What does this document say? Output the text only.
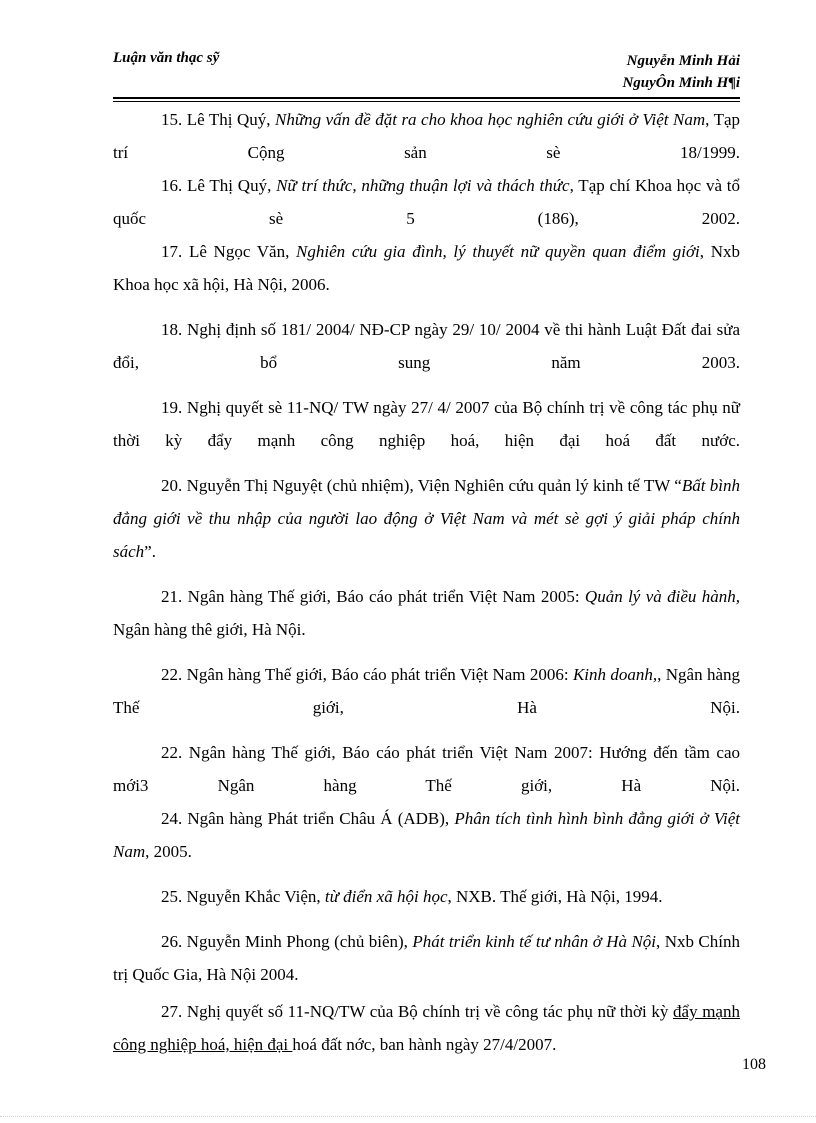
Luận văn thạc sỹ	Nguyễn Minh Hải
NguyÔn Minh H¶i

15. Lê Thị Quý, Những vấn đề đặt ra cho khoa học nghiên cứu giới ở Việt Nam, Tạp trí Cộng sản sè 18/1999.

16. Lê Thị Quý, Nữ trí thức, những thuận lợi và thách thức, Tạp chí Khoa học và tổ quốc sè 5 (186), 2002.

17. Lê Ngọc Văn, Nghiên cứu gia đình, lý thuyết nữ quyền quan điểm giới, Nxb Khoa học xã hội, Hà Nội, 2006.

18. Nghị định số 181/ 2004/ NĐ-CP ngày 29/ 10/ 2004 về thi hành Luật Đất đai sửa đổi, bổ sung năm 2003.

19. Nghị quyết sè 11-NQ/ TW ngày 27/ 4/ 2007 của Bộ chính trị về công tác phụ nữ thời kỳ đẩy mạnh công nghiệp hoá, hiện đại hoá đất nước.

20. Nguyễn Thị Nguyệt (chủ nhiệm), Viện Nghiên cứu quản lý kinh tế TW “Bất bình đẳng giới về thu nhập của người lao động ở Việt Nam và mét sè gợi ý giải pháp chính sách”.

21. Ngân hàng Thế giới, Báo cáo phát triển Việt Nam 2005: Quản lý và điều hành, Ngân hàng thê giới, Hà Nội.

22. Ngân hàng Thế giới, Báo cáo phát triển Việt Nam 2006: Kinh doanh,, Ngân hàng Thế giới, Hà Nội.

22. Ngân hàng Thế giới, Báo cáo phát triển Việt Nam 2007: Hướng đến tầm cao mới3 Ngân hàng Thế giới, Hà Nội.

24. Ngân hàng Phát triển Châu Á (ADB), Phân tích tình hình bình đẳng giới ở Việt Nam, 2005.

25. Nguyễn Khắc Viện, từ điển xã hội học, NXB. Thế giới, Hà Nội, 1994.

26. Nguyễn Minh Phong (chủ biên), Phát triển kinh tế tư nhân ở Hà Nội, Nxb Chính trị Quốc Gia, Hà Nội 2004.

27. Nghị quyết số 11-NQ/TW của Bộ chính trị về công tác phụ nữ thời kỳ đẩy mạnh công nghiệp hoá, hiện đại hoá đất nớc, ban hành ngày 27/4/2007.

108
